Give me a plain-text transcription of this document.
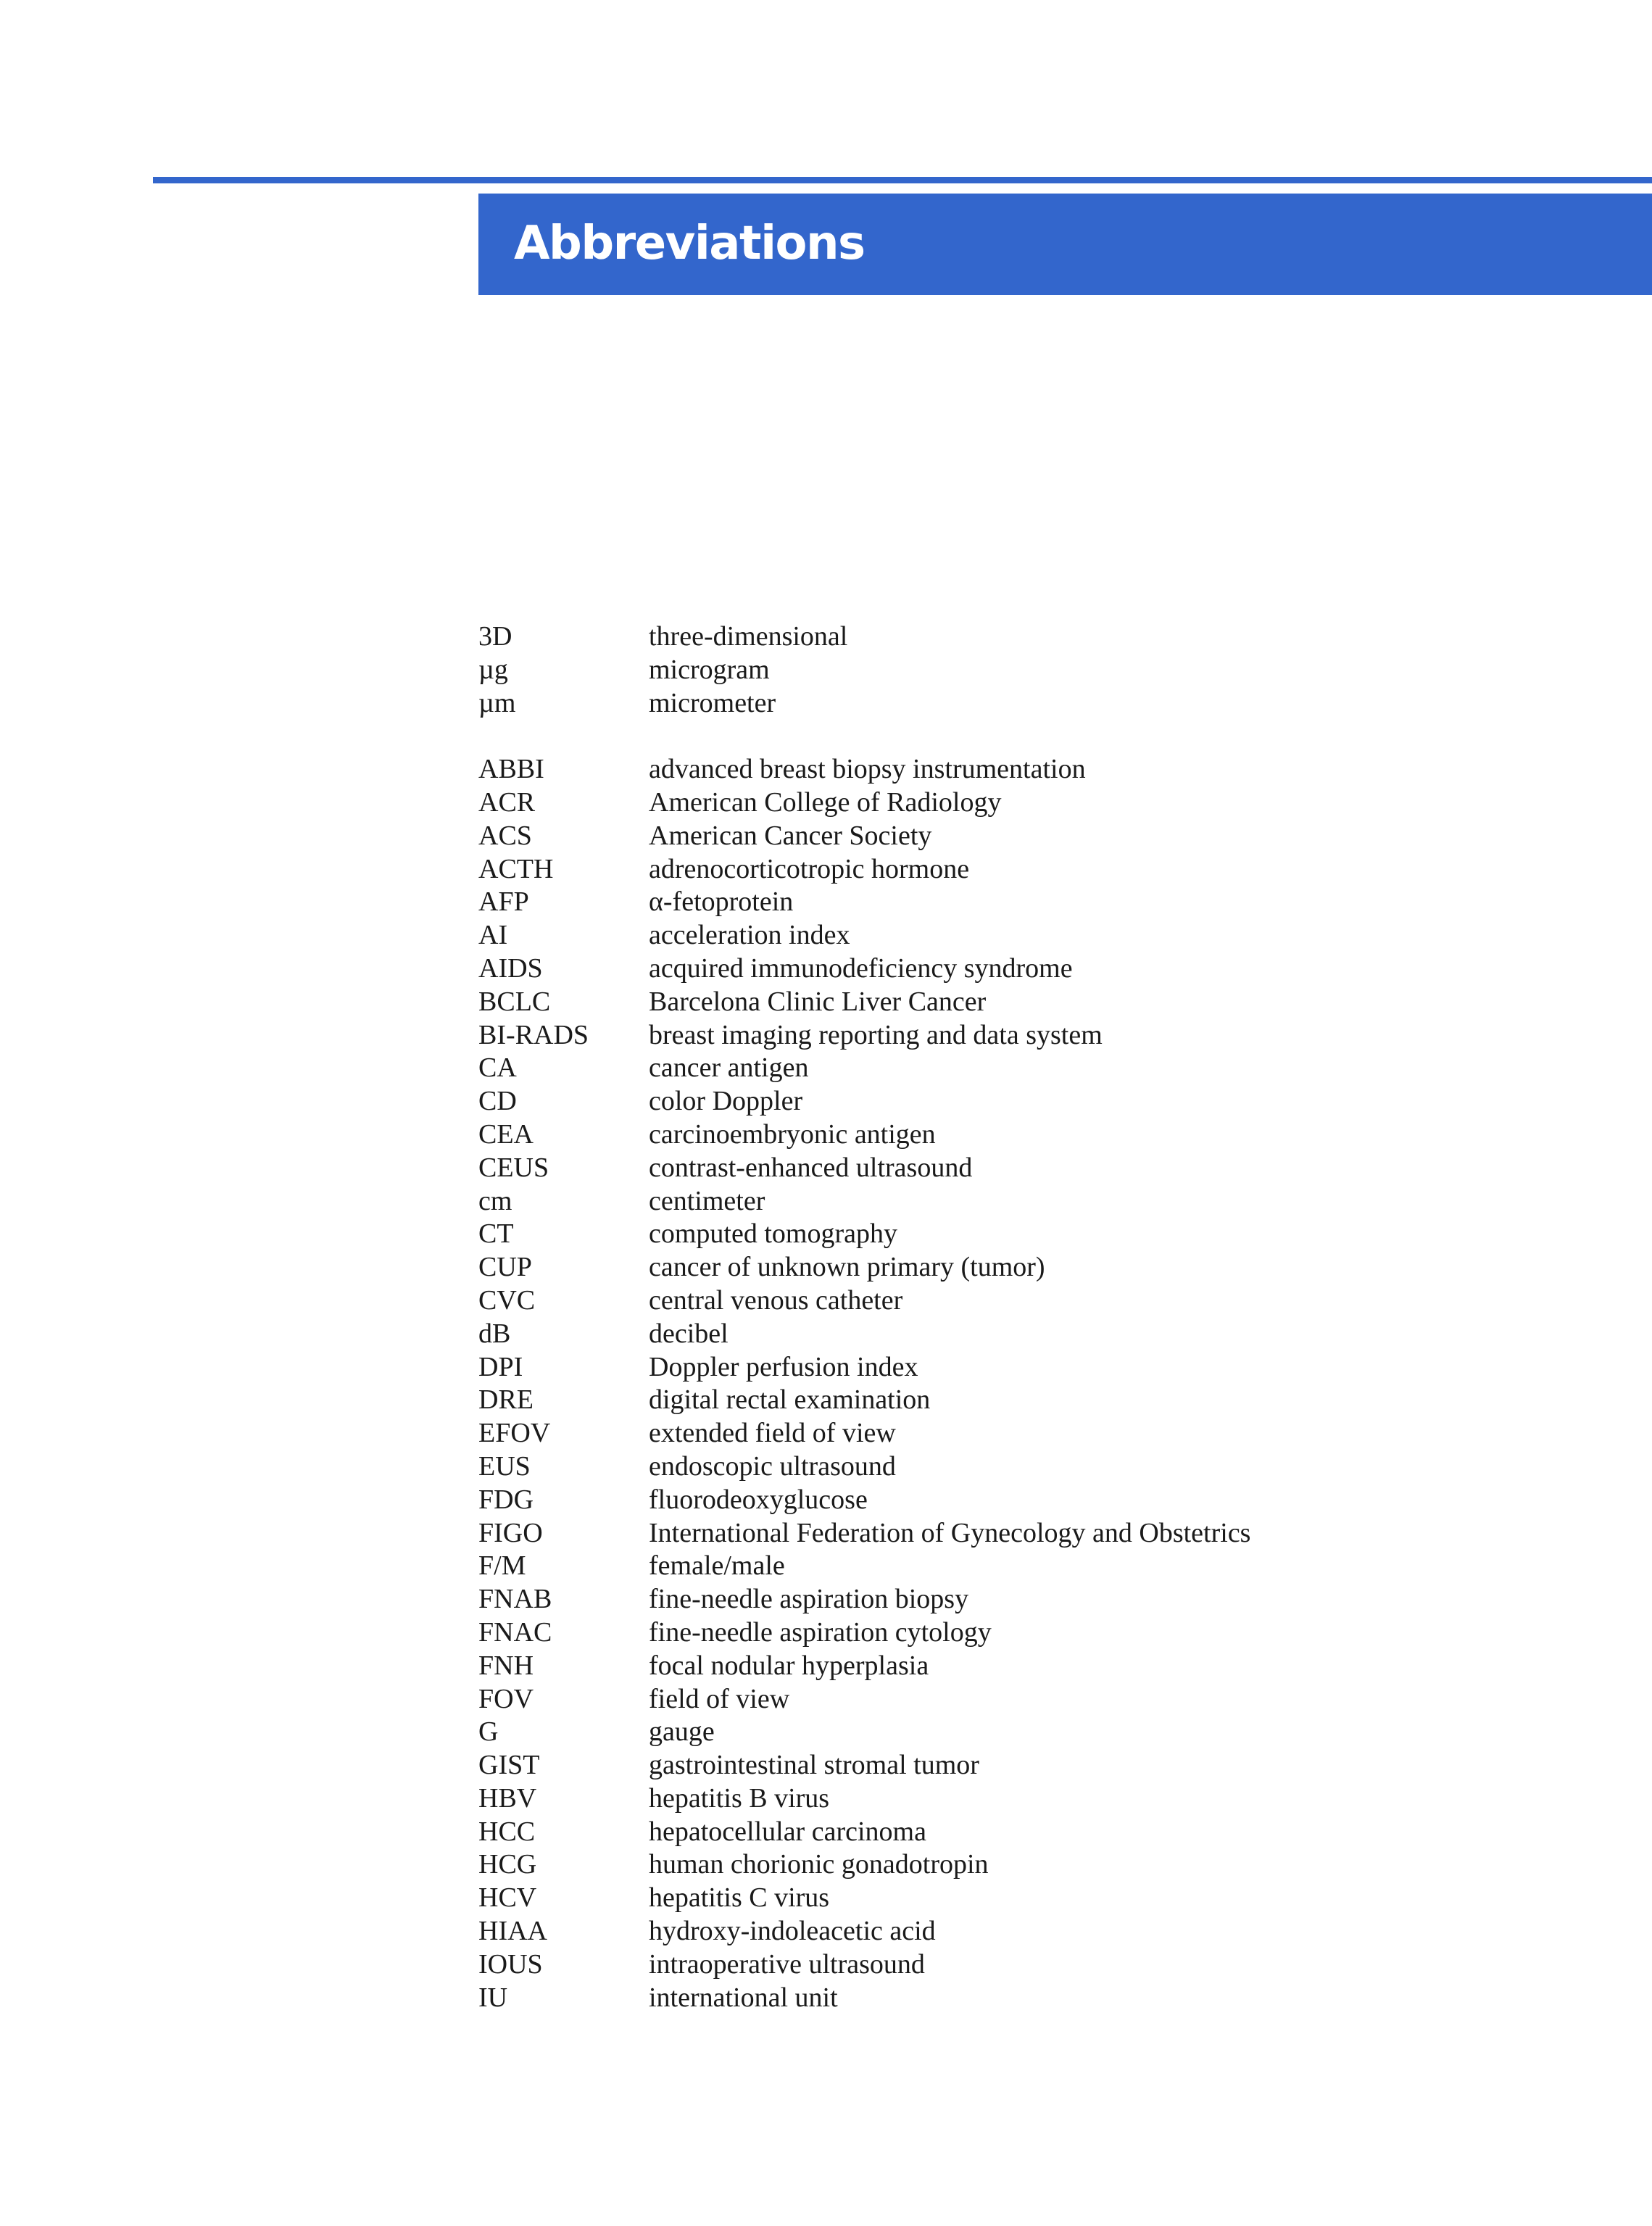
Abbreviations
3D	three-dimensional
µg	microgram
µm	micrometer
ABBI	advanced breast biopsy instrumentation
ACR	American College of Radiology
ACS	American Cancer Society
ACTH	adrenocorticotropic hormone
AFP	α-fetoprotein
AI	acceleration index
AIDS	acquired immunodeficiency syndrome
BCLC	Barcelona Clinic Liver Cancer
BI-RADS	breast imaging reporting and data system
CA	cancer antigen
CD	color Doppler
CEA	carcinoembryonic antigen
CEUS	contrast-enhanced ultrasound
cm	centimeter
CT	computed tomography
CUP	cancer of unknown primary (tumor)
CVC	central venous catheter
dB	decibel
DPI	Doppler perfusion index
DRE	digital rectal examination
EFOV	extended field of view
EUS	endoscopic ultrasound
FDG	fluorodeoxyglucose
FIGO	International Federation of Gynecology and Obstetrics
F/M	female/male
FNAB	fine-needle aspiration biopsy
FNAC	fine-needle aspiration cytology
FNH	focal nodular hyperplasia
FOV	field of view
G	gauge
GIST	gastrointestinal stromal tumor
HBV	hepatitis B virus
HCC	hepatocellular carcinoma
HCG	human chorionic gonadotropin
HCV	hepatitis C virus
HIAA	hydroxy-indoleacetic acid
IOUS	intraoperative ultrasound
IU	international unit
